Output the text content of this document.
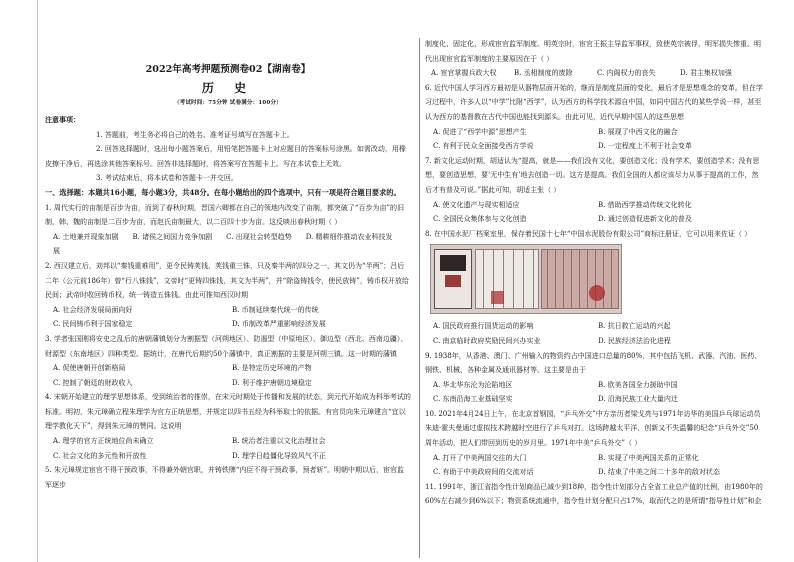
2022年高考押题预测卷02【湖南卷】
历 史
（考试时间：75分钟 试卷满分：100分）
注意事项：
1. 答题前，考生务必将自己的姓名、准考证号填写在答题卡上。
2. 回答选择题时，选出每小题答案后，用铅笔把答题卡上对应题目的答案标号涂黑。如需改动，用橡皮擦干净后，再选涂其他答案标号。回答非选择题时，将答案写在答题卡上。写在本试卷上无效。
3. 考试结束后，将本试卷和答题卡一并交回。
一、选择题：本题共16小题，每小题3分，共48分。在每小题给出的四个选项中，只有一项是符合题目要求的。

1. 周代实行的亩制是百步为亩，而到了春秋时期，晋国六卿都在自己的领地内改变了亩制，都突破了“百步为亩”的旧制，韩、魏的亩制是二百步为亩，而赵氏亩制最大，以二百四十步为亩。这反映出春秋时期（ ）

A. 土地兼并现象加剧 B. 诸侯之间国力竞争加剧 C. 出现社会转型趋势 D. 精耕细作推动农业科技发展

2. 西汉建立后，刘邦以“秦钱重难用”，更令民铸荚钱，荚钱重三铢，只及秦半两的四分之一，其文仍为“半两”；吕后二年（公元前186年）曾“行八铢钱”，文帝时“更铸四铢钱，其文为半两”，并“除盗铸钱令，使民放铸”，铸币权开放给民间；武帝时收回铸币权，统一铸造五铢钱。由此可推知西汉时期

A. 社会经济发展局面向好	B. 币制延续秦代统一的传统
C. 民间铸币利于国家稳定	D. 币制改革严重影响经济发展

3. 学者张国刚将安史之乱后的唐朝藩镇划分为割据型（河朔地区）、防遏型（中原地区）、御边型（西北、西南边疆）、财源型（东南地区）四种类型。据统计，在唐代后期约50个藩镇中，真正割据的主要是河朔三镇。这一时期的藩镇

A. 促使唐朝开创新格局	B. 是特定历史环境的产物
C. 控制了朝廷的财政收入	D. 利于维护唐朝边境稳定

4. 宋朝开始建立的理学思想体系，受到统治者的推崇，在宋元时期处于传播和发展的状态，到元代开始成为科举考试的标准。明初，朱元璋确立程朱理学为官方正统思想，并规定以四书五经为科举取士的依据。有官员向朱元璋建言“宜以理学教化天下”，得到朱元璋的赞同。这说明

A. 理学的官方正统地位尚未确立	B. 统治者注重以文化治理社会
C. 社会文化的多元性和开放性	D. 理学日趋僵化导致风气不正

5. 朱元璋规定宦官不得干预政事，不得兼外朝官职，并铸铁牌“内臣不得干预政事，预者斩”。明朝中期以后，宦官监军逐步

制度化、固定化，形成宦官监军制度。明英宗时，宦官王振主导监军事权，致使英宗被俘，明军损失惨重。明代出现宦官监军制度的主要原因在于（ ）

A. 宦官掌握兵政大权	B. 丞相制度的废除	C. 内阁权力的丧失	D. 君主集权加强

6. 近代中国人学习西方最初是从器物层面开始的，继而是制度层面的变化，最后才是思想观念的变革。但在学习过程中，许多人以“中学”比附“西学”，认为西方的科学技术源自中国，如同中国古代的某些学说一样，甚至认为西方的基督教在古代中国也能找到源头。由此可见，近代早期中国人的这些思想

A. 促进了“西学中源”思想产生	B. 展现了中西文化的融合
C. 有利于民众全面接受西方学说	D. 一定程度上不利于社会变革

7. 新文化运动时期，胡适认为“提高，就是——我们没有文化，要创造文化；没有学术，要创造学术；没有思想，要创造思想，要‘无中生有’地去创造一切。这方是提高。我们全国的人都应该尽力从事于提高的工作，然后才有普及可说。”据此可知，胡适主张（ ）

A. 使文化遗产与现实相适应	B. 借助西学推动传统文化转化
C. 全国民众集体参与文化创造	D. 通过创造促进新文化的普及

8. 在中国水泥厂档案室里，保存着民国十七年“中国水泥股份有限公司”商标注册证，它可以用来佐证（ ）

A. 国民政府推行国货运动的影响	B. 抗日救亡运动的兴起
C. 南京临时政府奖励民间兴办实业	D. 民族经济法治化进程

9. 1938年，从香港、澳门、广州输入的物资约占中国进口总量的80%，其中包括飞机、武器、汽油、医药、钢铁、机械、各种金属及通讯器材等。这主要是由于

A. 华北华东沦为沦陷地区	B. 欧美各国全力援助中国
C. 东南沿海工业基础坚实	D. 沿海民族工业大量内迁

10. 2021年4月24日上午，在北京首钢园，“乒乓外交”中方亲历者梁戈亮与1971年访华的美国乒乓球运动员朱迪·霍夫曼通过虚拟技术跨越时空进行了乒乓对打。这场跨越太平洋、创新又不失温馨的纪念“乒乓外交”50周年活动，把人们带回到历史的岁月里。1971年中美“乒乓外交”（ ）

A. 打开了中美两国交往的大门	B. 实现了中美两国关系的正常化
C. 有助于中美政府间的交流对话	D. 结束了中美之间二十多年的敌对状态

11. 1991年，浙江省指令性计划商品已减少到18种，指令性计划部分占全省工业总产值的比例，由1980年的60%左右减少到6%以下；物资系统流通中，指令性计划分配只占17%，取而代之的是所谓“指导性计划”和企
